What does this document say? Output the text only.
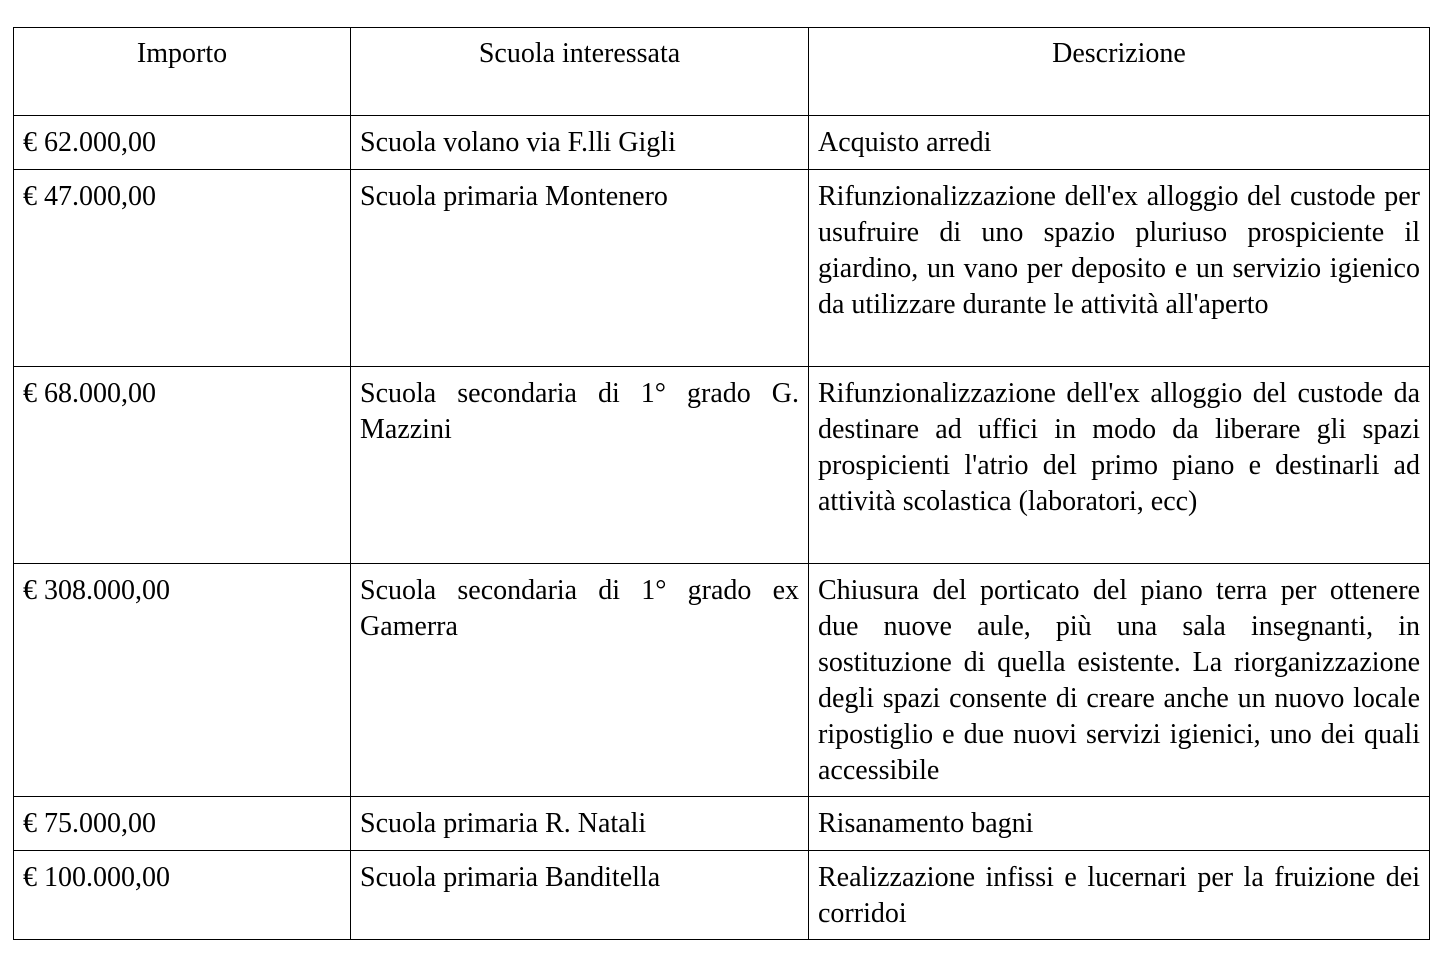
Importo	Scuola interessata	Descrizione
€ 62.000,00	Scuola volano via F.lli Gigli	Acquisto arredi
€ 47.000,00	Scuola primaria Montenero	Rifunzionalizzazione dell'ex alloggio del custode per usufruire di uno spazio pluriuso prospiciente il giardino, un vano per deposito e un servizio igienico da utilizzare durante le attività all'aperto
€ 68.000,00	Scuola secondaria di 1° grado G. Mazzini	Rifunzionalizzazione dell'ex alloggio del custode da destinare ad uffici in modo da liberare gli spazi prospicienti l'atrio del primo piano e destinarli ad attività scolastica (laboratori, ecc)
€ 308.000,00	Scuola secondaria di 1° grado ex Gamerra	Chiusura del porticato del piano terra per ottenere due nuove aule, più una sala insegnanti, in sostituzione di quella esistente. La riorganizzazione degli spazi consente di creare anche un nuovo locale ripostiglio e due nuovi servizi igienici, uno dei quali accessibile
€ 75.000,00	Scuola primaria R. Natali	Risanamento bagni
€ 100.000,00	Scuola primaria Banditella	Realizzazione infissi e lucernari per la fruizione dei corridoi
